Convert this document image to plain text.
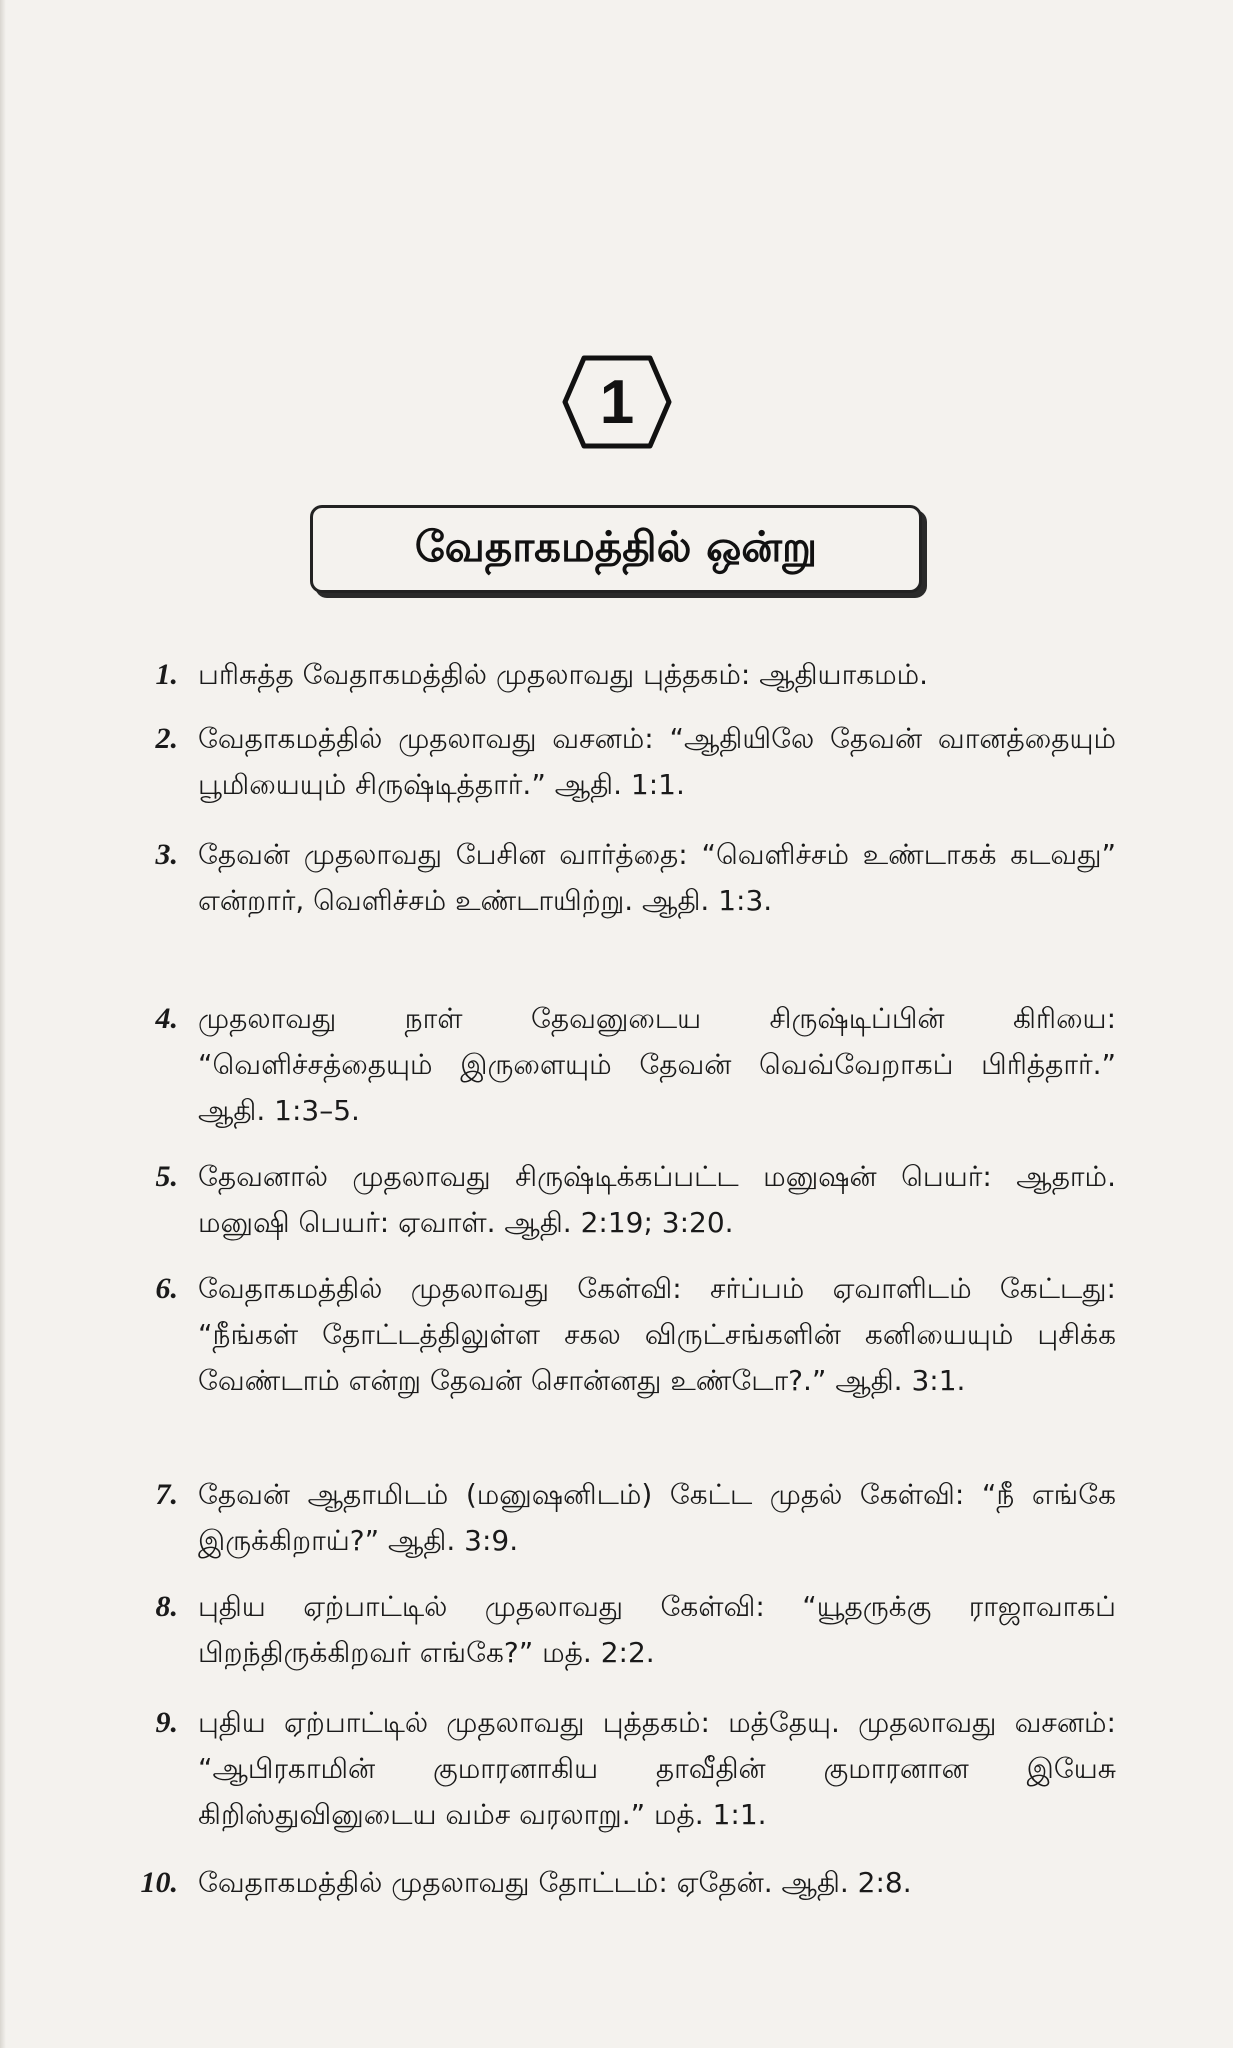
1
வேதாகமத்தில் ஒன்று
1. பரிசுத்த வேதாகமத்தில் முதலாவது புத்தகம்: ஆதியாகமம்.
2. வேதாகமத்தில் முதலாவது வசனம்: “ஆதியிலே தேவன் வானத்தையும் பூமியையும் சிருஷ்டித்தார்.” ஆதி. 1:1.
3. தேவன் முதலாவது பேசின வார்த்தை: “வெளிச்சம் உண்டாகக் கடவது” என்றார், வெளிச்சம் உண்டாயிற்று. ஆதி. 1:3.
4. முதலாவது நாள் தேவனுடைய சிருஷ்டிப்பின் கிரியை: “வெளிச்சத்தையும் இருளையும் தேவன் வெவ்வேறாகப் பிரித்தார்.” ஆதி. 1:3–5.
5. தேவனால் முதலாவது சிருஷ்டிக்கப்பட்ட மனுஷன் பெயர்: ஆதாம். மனுஷி பெயர்: ஏவாள். ஆதி. 2:19; 3:20.
6. வேதாகமத்தில் முதலாவது கேள்வி: சர்ப்பம் ஏவாளிடம் கேட்டது: “நீங்கள் தோட்டத்திலுள்ள சகல விருட்சங்களின் கனியையும் புசிக்க வேண்டாம் என்று தேவன் சொன்னது உண்டோ?.” ஆதி. 3:1.
7. தேவன் ஆதாமிடம் (மனுஷனிடம்) கேட்ட முதல் கேள்வி: “நீ எங்கே இருக்கிறாய்?” ஆதி. 3:9.
8. புதிய ஏற்பாட்டில் முதலாவது கேள்வி: “யூதருக்கு ராஜாவாகப் பிறந்திருக்கிறவர் எங்கே?” மத். 2:2.
9. புதிய ஏற்பாட்டில் முதலாவது புத்தகம்: மத்தேயு. முதலாவது வசனம்: “ஆபிரகாமின் குமாரனாகிய தாவீதின் குமாரனான இயேசு கிறிஸ்துவினுடைய வம்ச வரலாறு.” மத். 1:1.
10. வேதாகமத்தில் முதலாவது தோட்டம்: ஏதேன். ஆதி. 2:8.
